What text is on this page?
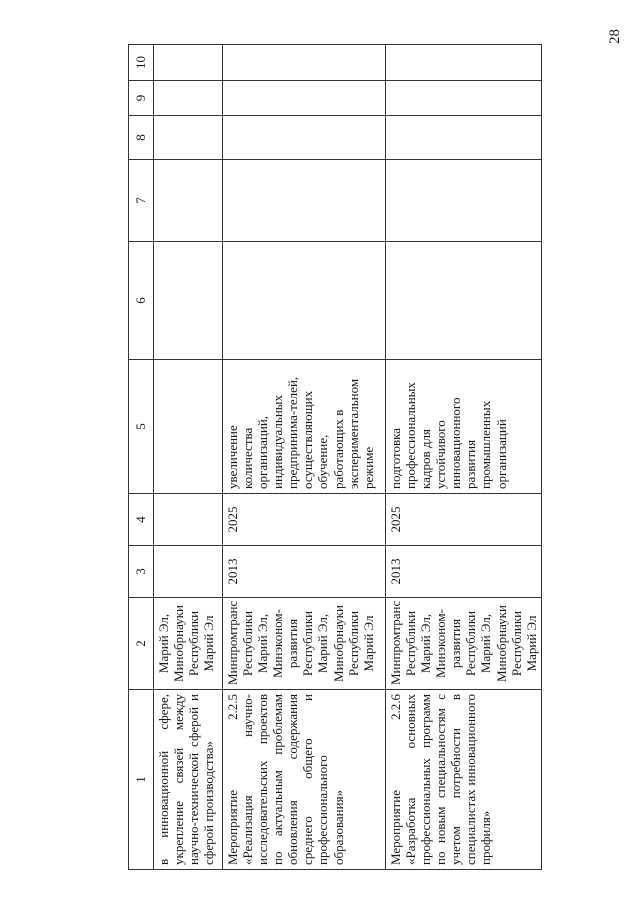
28
1	2	3	4	5	6	7	8	9	10
в инновационной сфере, укрепление связей между научно-технической сферой и сферой производства»	Марий Эл, Минобрнауки Республики Марий Эл								
Мероприятие 2.2.5 «Реализация научно-исследовательских проектов по актуальным проблемам обновления содержания среднего общего и профессионального образования»	Минпромтранс Республики Марий Эл, Минэконом-развития Республики Марий Эл, Минобрнауки Республики Марий Эл	2013	2025	увеличение количества организаций, индивидуальных предпринима-телей, осуществляющих обучение, работающих в экспериментальном режиме					
Мероприятие 2.2.6 «Разработка основных профессиональных программ по новым специальностям с учетом потребности в специалистах инновационного профиля»	Минпромтранс Республики Марий Эл, Минэконом-развития Республики Марий Эл, Минобрнауки Республики Марий Эл	2013	2025	подготовка профессиональных кадров для устойчивого инновационного развития промышленных организаций					
